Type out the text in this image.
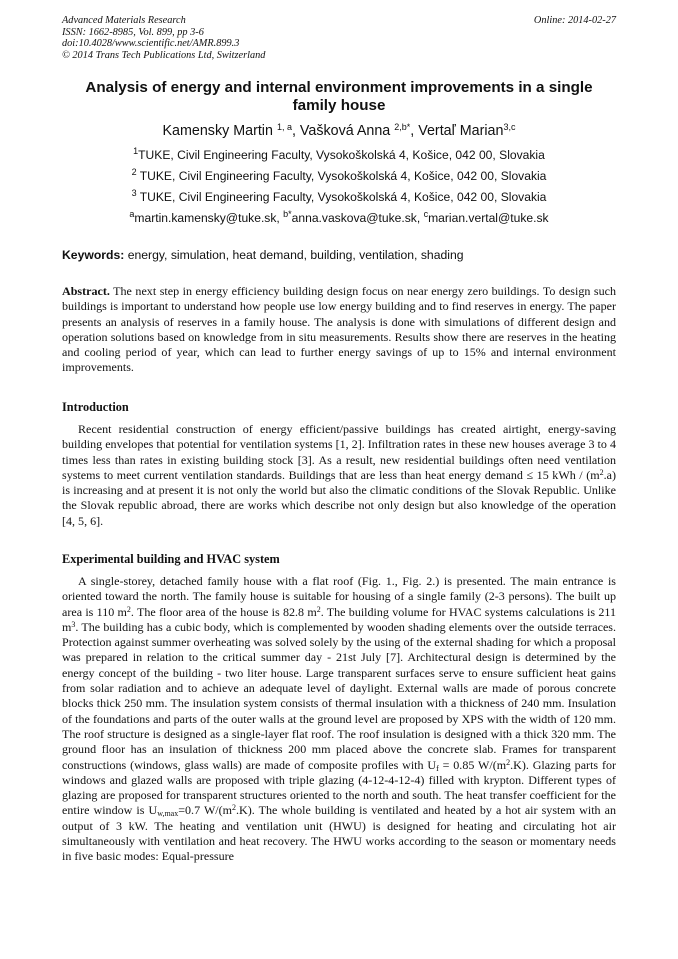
Advanced Materials Research
ISSN: 1662-8985, Vol. 899, pp 3-6
doi:10.4028/www.scientific.net/AMR.899.3
© 2014 Trans Tech Publications Ltd, Switzerland
Online: 2014-02-27
Analysis of energy and internal environment improvements in a single family house
Kamensky Martin $^{1, a}$, Vašková Anna $^{2,b*}$, Vertaľ Marian$^{3,c}$
$^1$TUKE, Civil Engineering Faculty, Vysokoškolská 4, Košice, 042 00, Slovakia
$^2$ TUKE, Civil Engineering Faculty, Vysokoškolská 4, Košice, 042 00, Slovakia
$^3$ TUKE, Civil Engineering Faculty, Vysokoškolská 4, Košice, 042 00, Slovakia
$^a$martin.kamensky@tuke.sk, $^{b*}$anna.vaskova@tuke.sk, $^c$marian.vertal@tuke.sk
Keywords: energy, simulation, heat demand, building, ventilation, shading
Abstract. The next step in energy efficiency building design focus on near energy zero buildings. To design such buildings is important to understand how people use low energy building and to find reserves in energy. The paper presents an analysis of reserves in a family house. The analysis is done with simulations of different design and operation solutions based on knowledge from in situ measurements. Results show there are reserves in the heating and cooling period of year, which can lead to further energy savings of up to 15% and internal environment improvements.
Introduction
Recent residential construction of energy efficient/passive buildings has created airtight, energy-saving building envelopes that potential for ventilation systems [1, 2]. Infiltration rates in these new houses average 3 to 4 times less than rates in existing building stock [3]. As a result, new residential buildings often need ventilation systems to meet current ventilation standards. Buildings that are less than heat energy demand ≤ 15 kWh / $(m^2.a)$ is increasing and at present it is not only the world but also the climatic conditions of the Slovak Republic. Unlike the Slovak republic abroad, there are works which describe not only design but also knowledge of the operation [4, 5, 6].
Experimental building and HVAC system
A single-storey, detached family house with a flat roof (Fig. 1., Fig. 2.) is presented. The main entrance is oriented toward the north. The family house is suitable for housing of a single family (2-3 persons). The built up area is 110 $m^2$. The floor area of the house is 82.8 $m^2$. The building volume for HVAC systems calculations is 211 $m^3$. The building has a cubic body, which is complemented by wooden shading elements over the outside terraces. Protection against summer overheating was solved solely by the using of the external shading for which a proposal was prepared in relation to the critical summer day - 21st July [7]. Architectural design is determined by the energy concept of the building - two liter house. Large transparent surfaces serve to ensure sufficient heat gains from solar radiation and to achieve an adequate level of daylight. External walls are made of porous concrete blocks thick 250 mm. The insulation system consists of thermal insulation with a thickness of 240 mm. Insulation of the foundations and parts of the outer walls at the ground level are proposed by XPS with the width of 120 mm. The roof structure is designed as a single-layer flat roof. The roof insulation is designed with a thick 320 mm. The ground floor has an insulation of thickness 200 mm placed above the concrete slab. Frames for transparent constructions (windows, glass walls) are made of composite profiles with $U_f = 0.85$ $W/(m^2.K)$. Glazing parts for windows and glazed walls are proposed with triple glazing (4-12-4-12-4) filled with krypton. Different types of glazing are proposed for transparent structures oriented to the north and south. The heat transfer coefficient for the entire window is $U_{w,max}=0.7$ $W/(m^2.K)$. The whole building is ventilated and heated by a hot air system with an output of 3 kW. The heating and ventilation unit (HWU) is designed for heating and circulating hot air simultaneously with ventilation and heat recovery. The HWU works according to the season or momentary needs in five basic modes: Equal-pressure
